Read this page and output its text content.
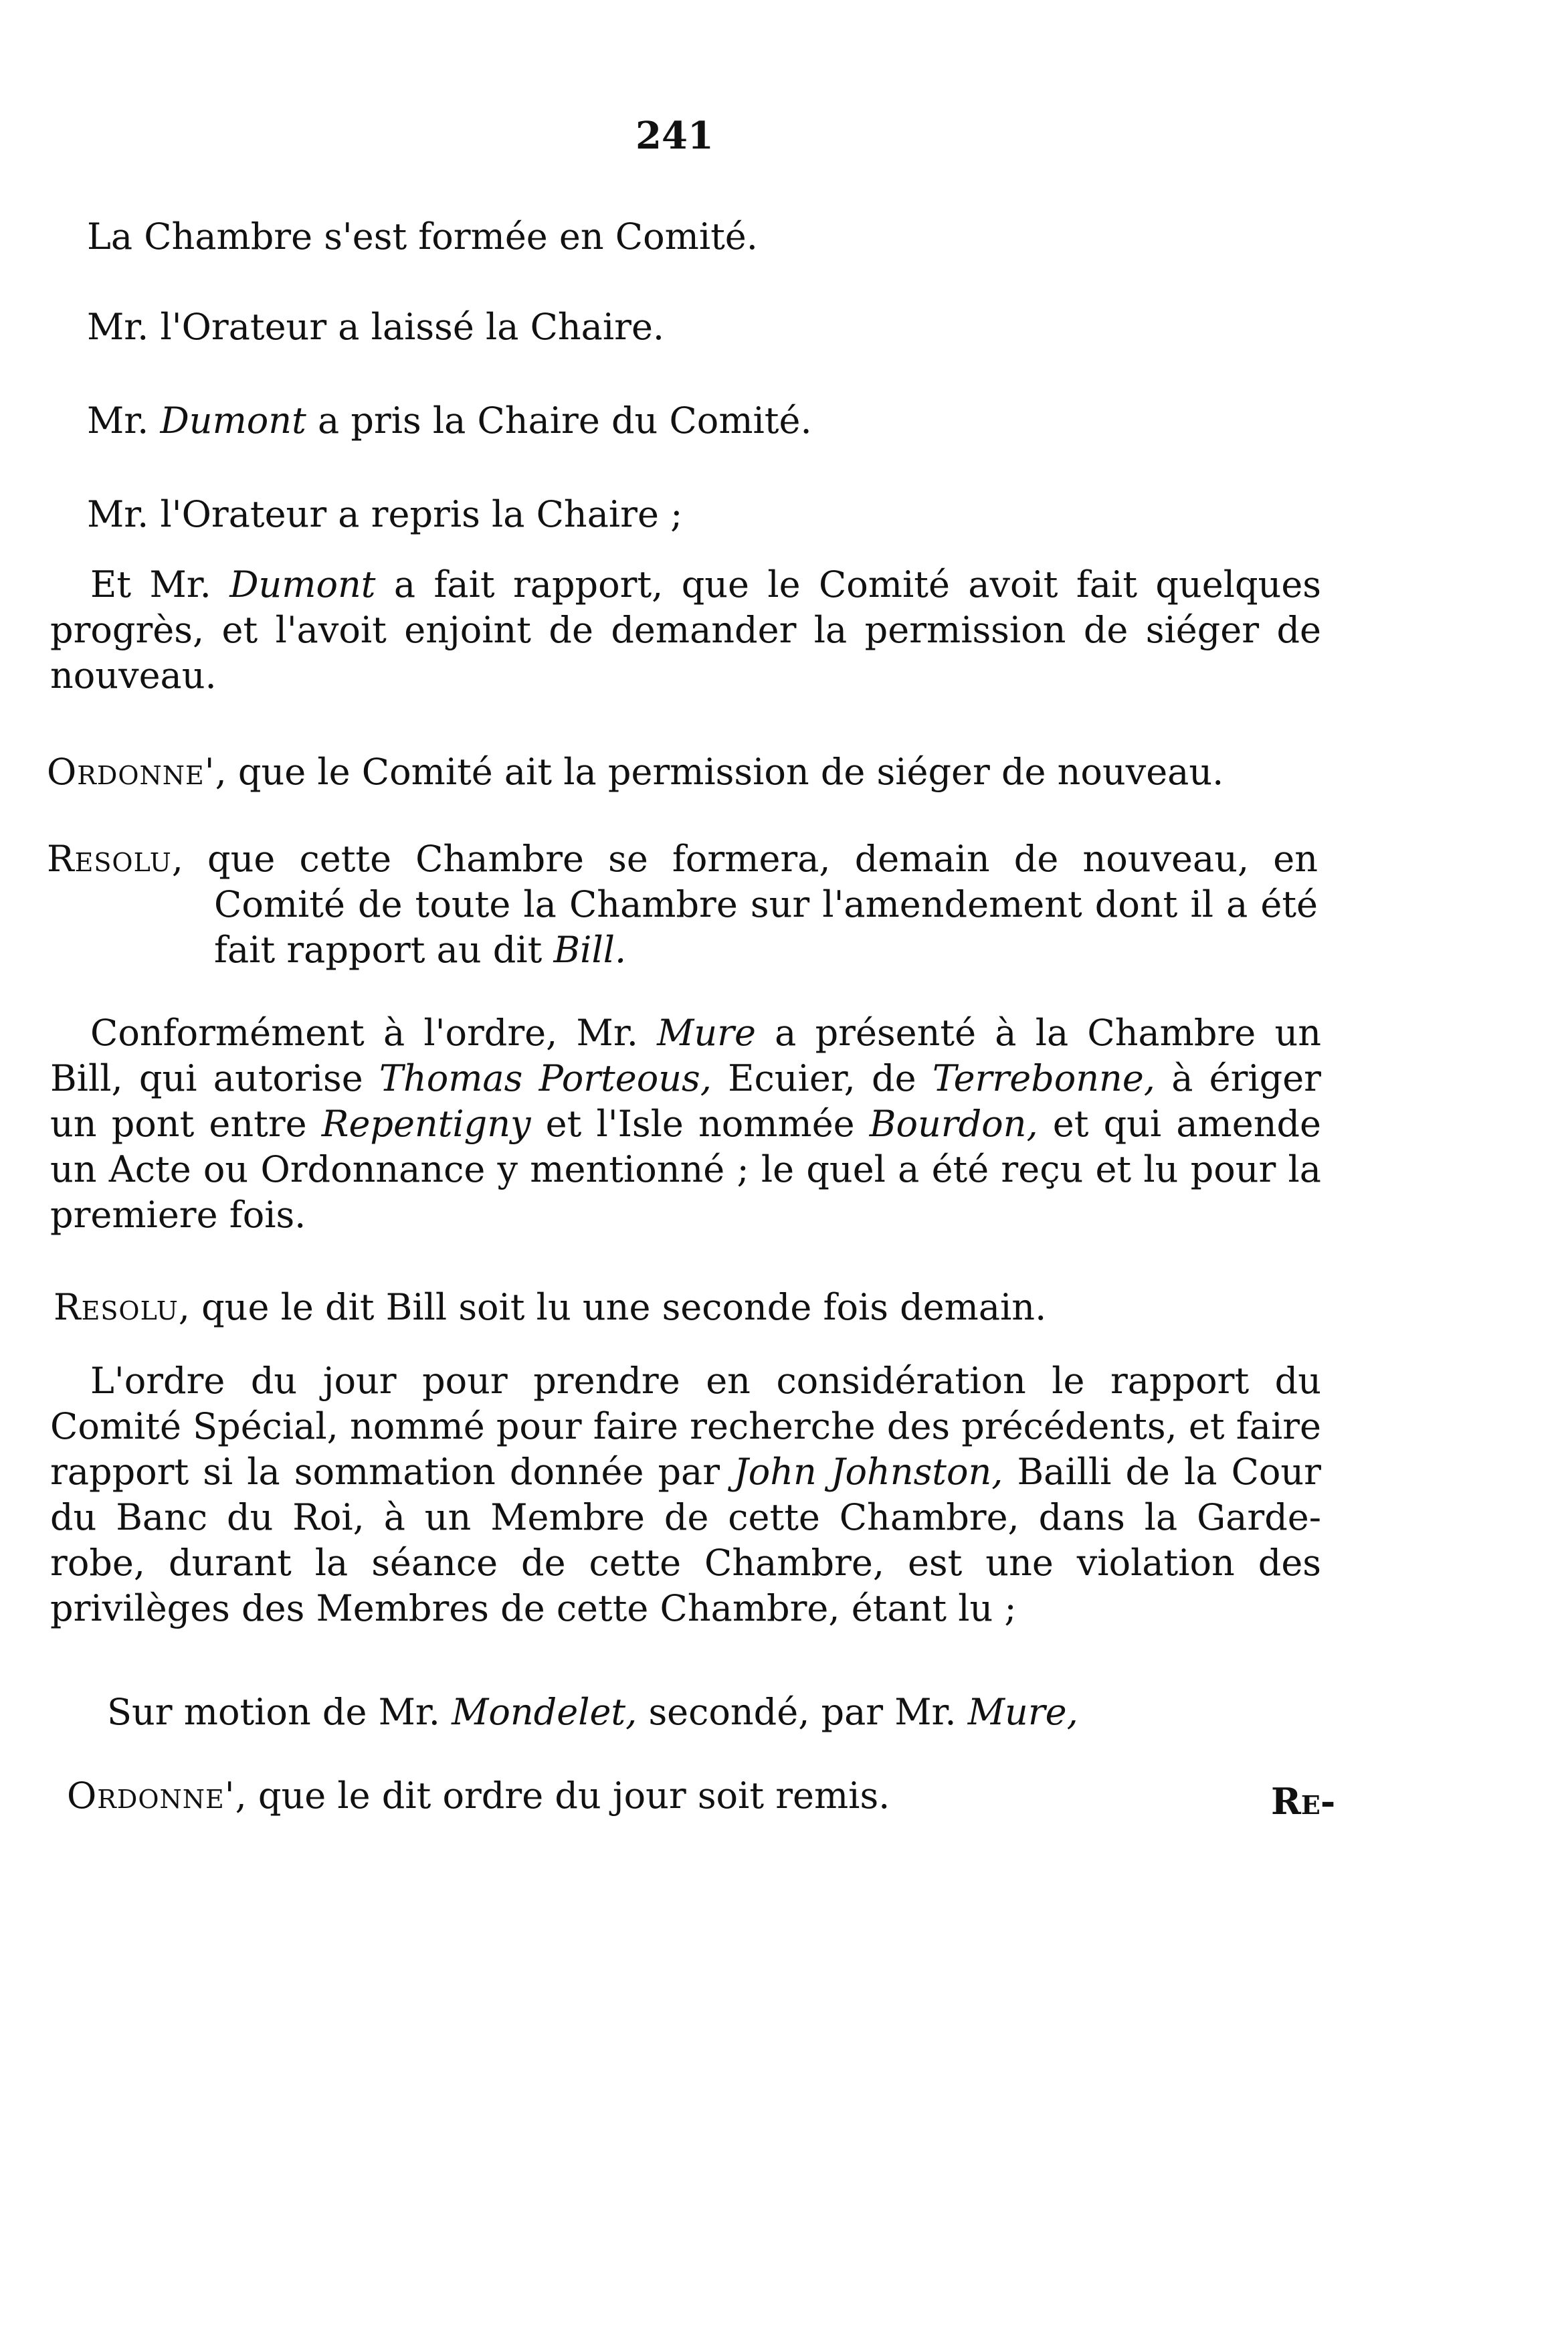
241
La Chambre s'est formée en Comité.
Mr. l'Orateur a laissé la Chaire.
Mr. Dumont a pris la Chaire du Comité.
Mr. l'Orateur a repris la Chaire ;

Et Mr. Dumont a fait rapport, que le Comité avoit fait quelques progrès, et l'avoit enjoint de demander la permission de siéger de nouveau.

Ordonne', que le Comité ait la permission de siéger de nouveau.

Resolu, que cette Chambre se formera, demain de nouveau, en Comité de toute la Chambre sur l'amendement dont il a été fait rapport au dit Bill.

Conformément à l'ordre, Mr. Mure a présenté à la Chambre un Bill, qui autorise Thomas Porteous, Ecuier, de Terrebonne, à ériger un pont entre Repentigny et l'Isle nommée Bourdon, et qui amende un Acte ou Ordonnance y mentionné ; le quel a été reçu et lu pour la premiere fois.

Resolu, que le dit Bill soit lu une seconde fois demain.

L'ordre du jour pour prendre en considération le rapport du Comité Spécial, nommé pour faire recherche des précédents, et faire rapport si la sommation donnée par John Johnston, Bailli de la Cour du Banc du Roi, à un Membre de cette Chambre, dans la Garde-robe, durant la séance de cette Chambre, est une violation des privilèges des Membres de cette Chambre, étant lu ;

Sur motion de Mr. Mondelet, secondé, par Mr. Mure,
Ordonne', que le dit ordre du jour soit remis.	Re-
